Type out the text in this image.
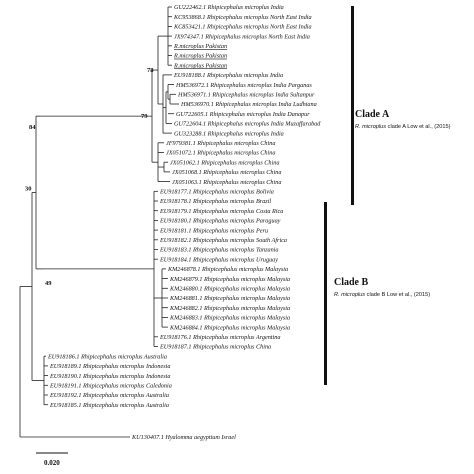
GU222462.1 Rhipicephalus microplus India
KC953868.1 Rhipicephalus microplus North East India
KC853421.1 Rhipicephalus microplus North East India
JX974347.1 Rhipicephalus microplus North East India
R.microplus Pakistan
R.microplus Pakistan
R.microplus Pakistan
EU918188.1 Rhipicephalus microplus India
HM536972.1 Rhipicephalus microplus India Parganas
HM536971.1 Rhipicephalus microplus India Sultanpur
HM536970.1 Rhipicephalus microplus India Ludhiana
GU722605.1 Rhipicephalus microplus India Danapur
GU722604.1 Rhipicephalus microplus India Muzaffarabad
GU323288.1 Rhipicephalus microplus India
JF979381.1 Rhipicephalus microplus China
JX051072.1 Rhipicephalus microplus China
JX051062.1 Rhipicephalus microplus China
JX051068.1 Rhipicephalus microplus China
JX051063.1 Rhipicephalus microplus China
EU918177.1 Rhipicephalus microplus Bolivia
EU918178.1 Rhipicephalus microplus Brazil
EU918179.1 Rhipicephalus microplus Costa Rica
EU918180.1 Rhipicephalus microplus Paraguay
EU918181.1 Rhipicephalus microplus Peru
EU918182.1 Rhipicephalus microplus South Africa
EU918183.1 Rhipicephalus microplus Tanzania
EU918184.1 Rhipicephalus microplus Uruguay
KM246878.1 Rhipicephalus microplus Malaysia
KM246879.1 Rhipicephalus microplus Malaysia
KM246880.1 Rhipicephalus microplus Malaysia
KM246881.1 Rhipicephalus microplus Malaysia
KM246882.1 Rhipicephalus microplus Malaysia
KM246883.1 Rhipicephalus microplus Malaysia
KM246884.1 Rhipicephalus microplus Malaysia
EU918176.1 Rhipicephalus microplus Argentina
EU918187.1 Rhipicephalus microplus China
EU918186.1 Rhipicephalus microplus Australia
EU918189.1 Rhipicephalus microplus Indonesia
EU918190.1 Rhipicephalus microplus Indonesia
EU918191.1 Rhipicephalus microplus Caledonia
EU918192.1 Rhipicephalus microplus Australia
EU918185.1 Rhipicephalus microplus Australia
KU130407.1 Hyalomma aegyptium Israel
78
79
84
30
49
Clade A
R. microplus clade A Low et al., (2015)
Clade B
R. microplus clade B Low et al., (2015)
0.020
